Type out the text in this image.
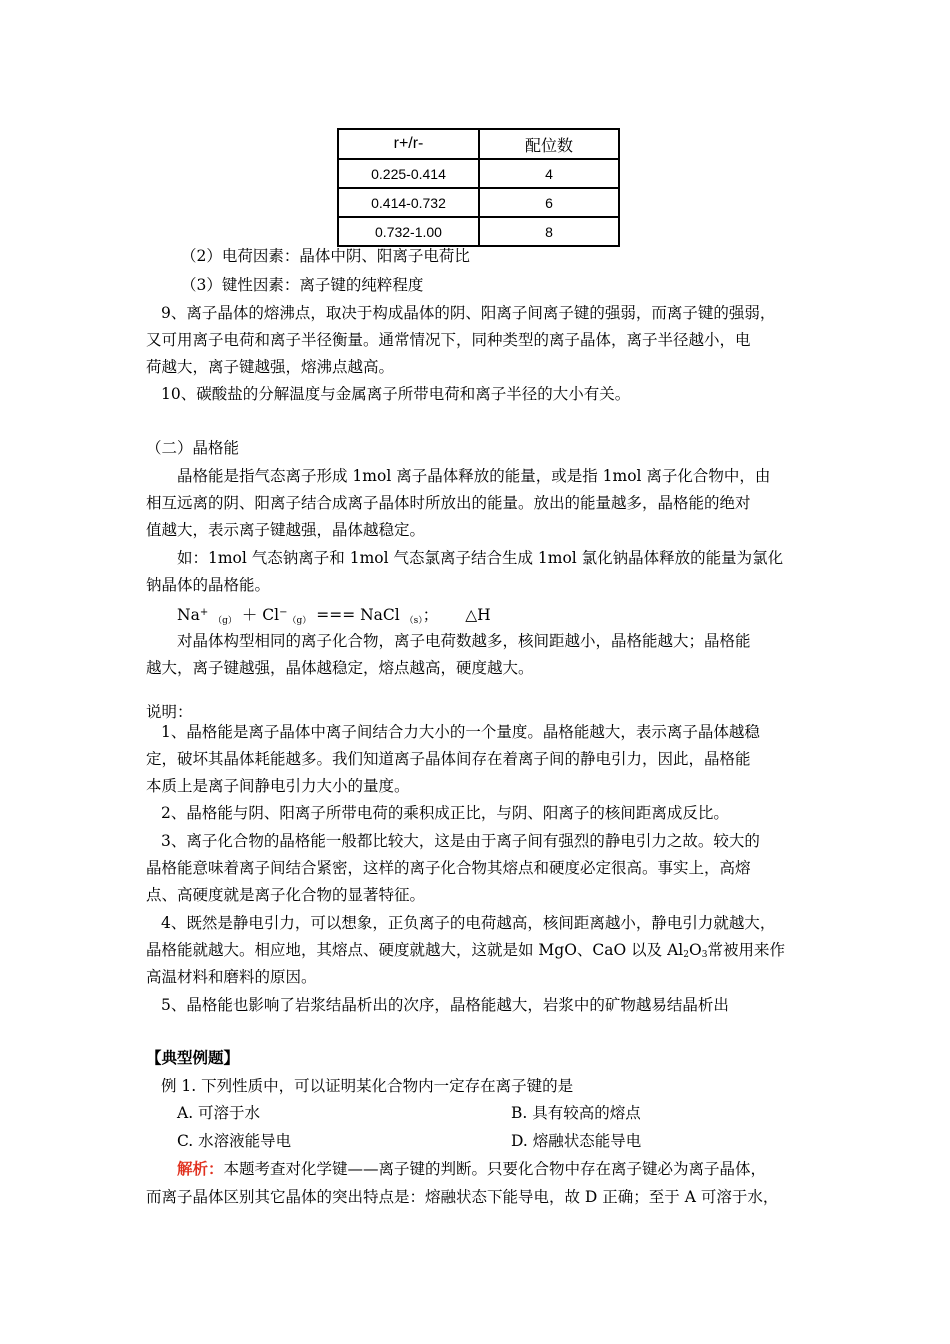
r+/r-	配位数
0.225-0.414	4
0.414-0.732	6
0.732-1.00	8
（2）电荷因素：晶体中阴、阳离子电荷比
（3）键性因素：离子键的纯粹程度
9、离子晶体的熔沸点，取决于构成晶体的阴、阳离子间离子键的强弱，而离子键的强弱，
又可用离子电荷和离子半径衡量。通常情况下，同种类型的离子晶体，离子半径越小，电
荷越大，离子键越强，熔沸点越高。
10、碳酸盐的分解温度与金属离子所带电荷和离子半径的大小有关。
（二）晶格能
晶格能是指气态离子形成 1mol 离子晶体释放的能量，或是指 1mol 离子化合物中，由
相互远离的阴、阳离子结合成离子晶体时所放出的能量。放出的能量越多，晶格能的绝对
值越大，表示离子键越强，晶体越稳定。
如：1mol 气态钠离子和 1mol 气态氯离子结合生成 1mol 氯化钠晶体释放的能量为氯化
钠晶体的晶格能。
Na+ （g） ＋ Cl−（g） === NaCl （s）； △H
对晶体构型相同的离子化合物，离子电荷数越多，核间距越小，晶格能越大；晶格能
越大，离子键越强，晶体越稳定，熔点越高，硬度越大。
说明：
1、晶格能是离子晶体中离子间结合力大小的一个量度。晶格能越大，表示离子晶体越稳
定，破坏其晶体耗能越多。我们知道离子晶体间存在着离子间的静电引力，因此，晶格能
本质上是离子间静电引力大小的量度。
2、晶格能与阴、阳离子所带电荷的乘积成正比，与阴、阳离子的核间距离成反比。
3、离子化合物的晶格能一般都比较大，这是由于离子间有强烈的静电引力之故。较大的
晶格能意味着离子间结合紧密，这样的离子化合物其熔点和硬度必定很高。事实上，高熔
点、高硬度就是离子化合物的显著特征。
4、既然是静电引力，可以想象，正负离子的电荷越高，核间距离越小，静电引力就越大，
晶格能就越大。相应地，其熔点、硬度就越大，这就是如 MgO、CaO 以及 $Al_2O_3$常被用来作
高温材料和磨料的原因。
5、晶格能也影响了岩浆结晶析出的次序，晶格能越大，岩浆中的矿物越易结晶析出
【典型例题】
例 1. 下列性质中，可以证明某化合物内一定存在离子键的是
A. 可溶于水	B. 具有较高的熔点
C. 水溶液能导电	D. 熔融状态能导电
解析：本题考查对化学键——离子键的判断。只要化合物中存在离子键必为离子晶体，
而离子晶体区别其它晶体的突出特点是：熔融状态下能导电，故 D 正确；至于 A 可溶于水，
